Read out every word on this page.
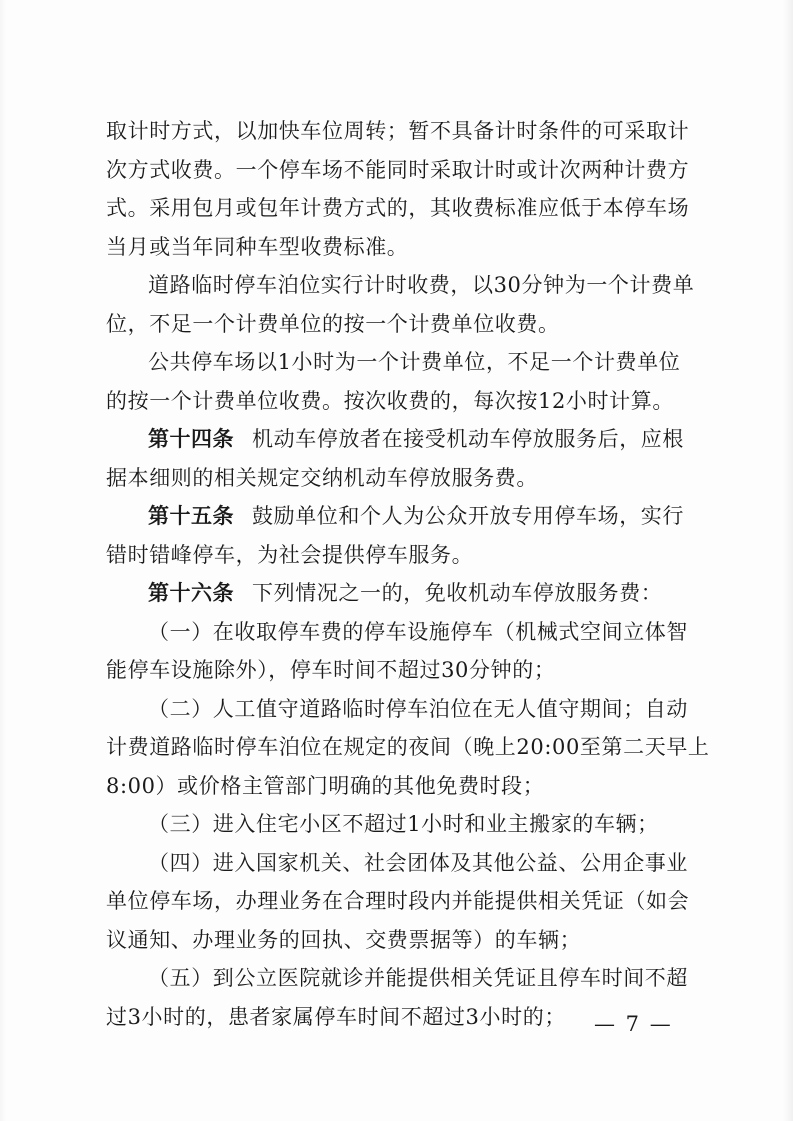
取计时方式，以加快车位周转；暂不具备计时条件的可采取计
次方式收费。一个停车场不能同时采取计时或计次两种计费方
式。采用包月或包年计费方式的，其收费标准应低于本停车场
当月或当年同种车型收费标准。
道路临时停车泊位实行计时收费，以30分钟为一个计费单
位，不足一个计费单位的按一个计费单位收费。
公共停车场以1小时为一个计费单位，不足一个计费单位
的按一个计费单位收费。按次收费的，每次按12小时计算。
第十四条 机动车停放者在接受机动车停放服务后，应根
据本细则的相关规定交纳机动车停放服务费。
第十五条 鼓励单位和个人为公众开放专用停车场，实行
错时错峰停车，为社会提供停车服务。
第十六条 下列情况之一的，免收机动车停放服务费：
（一）在收取停车费的停车设施停车（机械式空间立体智
能停车设施除外），停车时间不超过30分钟的；
（二）人工值守道路临时停车泊位在无人值守期间；自动
计费道路临时停车泊位在规定的夜间（晚上20:00至第二天早上
8:00）或价格主管部门明确的其他免费时段；
（三）进入住宅小区不超过1小时和业主搬家的车辆；
（四）进入国家机关、社会团体及其他公益、公用企事业
单位停车场，办理业务在合理时段内并能提供相关凭证（如会
议通知、办理业务的回执、交费票据等）的车辆；
（五）到公立医院就诊并能提供相关凭证且停车时间不超
过3小时的，患者家属停车时间不超过3小时的；	— 7 —
